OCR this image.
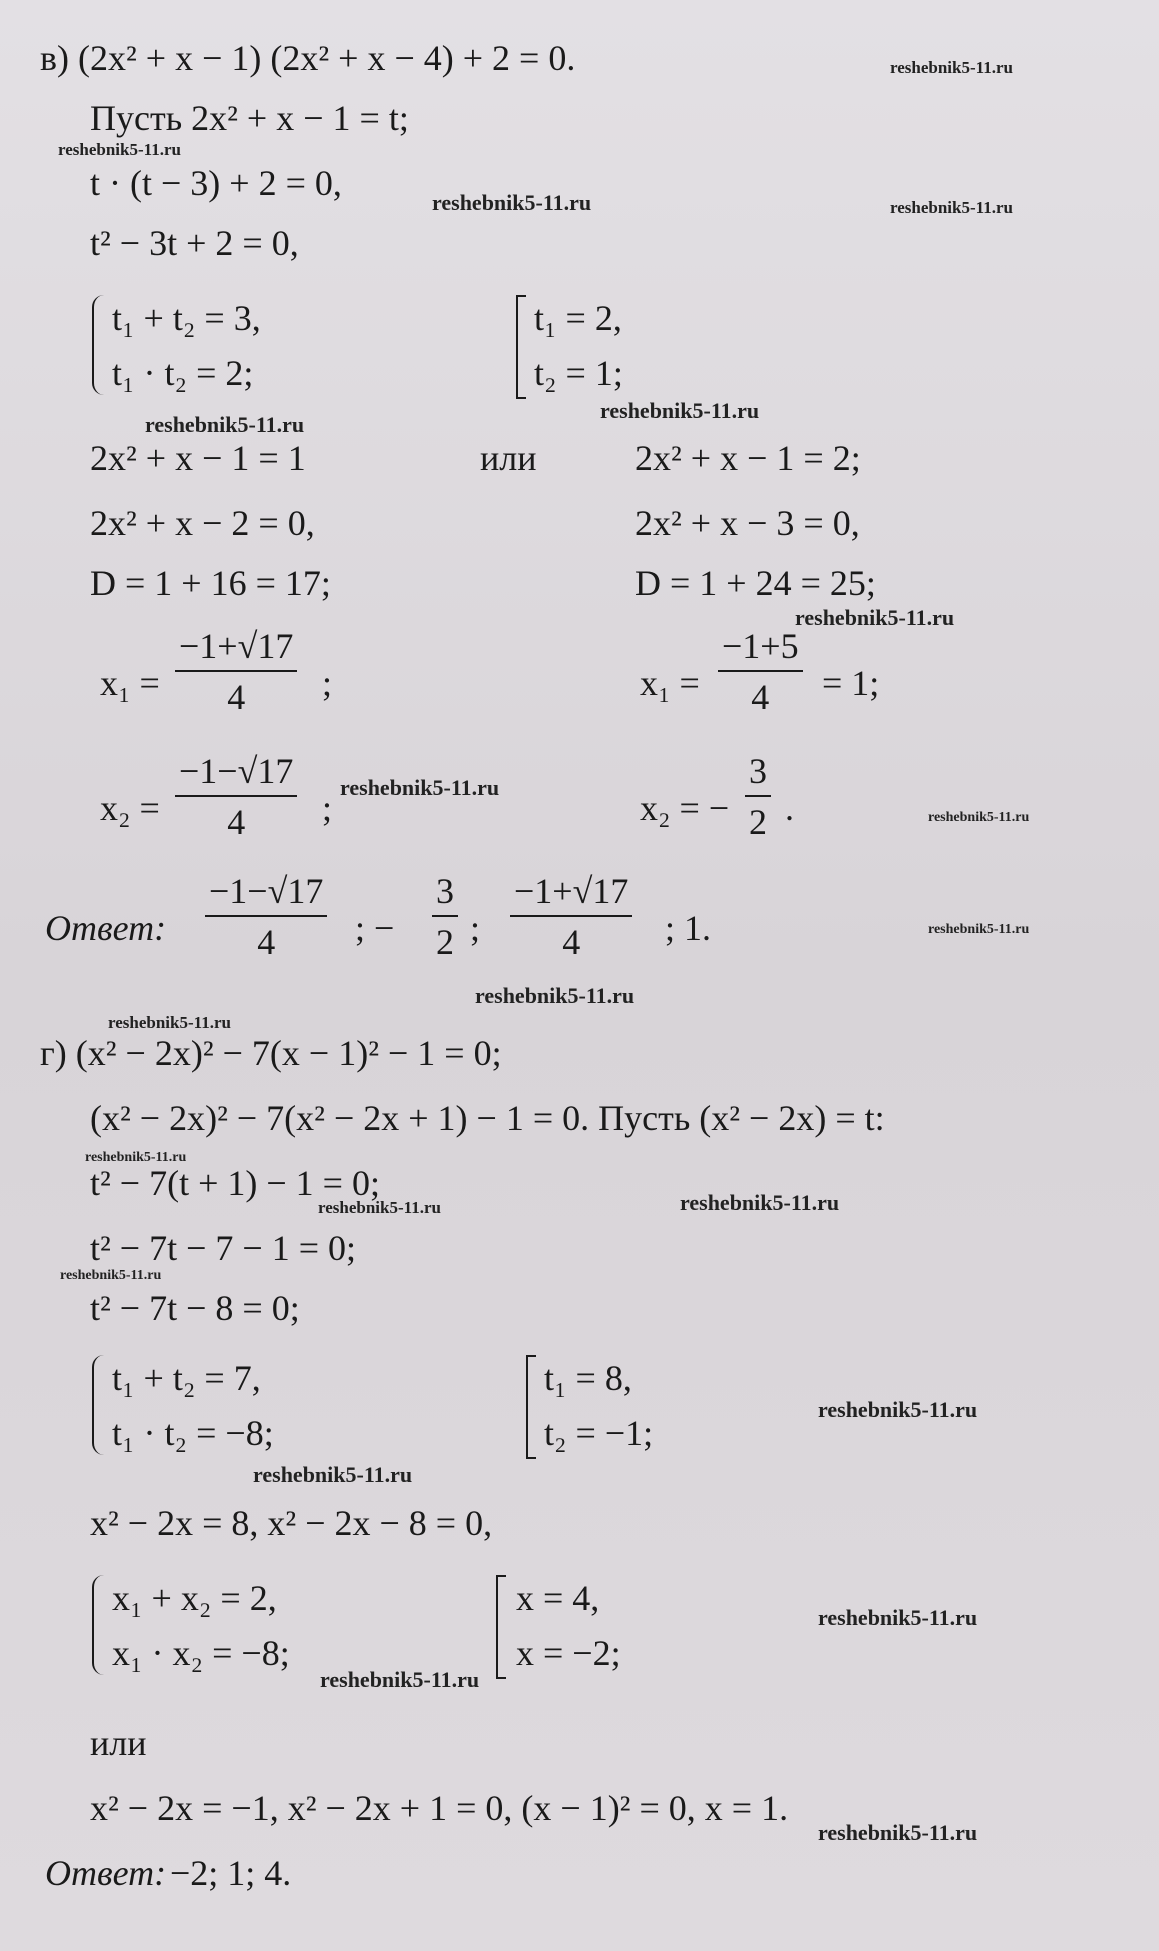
в) (2x² + x − 1) (2x² + x − 4) + 2 = 0.
Пусть 2x² + x − 1 = t;
t · (t − 3) + 2 = 0,
t² − 3t + 2 = 0,
t₁ + t₂ = 3,
t₁ · t₂ = 2;
t₁ = 2,
t₂ = 1;
2x² + x − 1 = 1	или	2x² + x − 1 = 2;
2x² + x − 2 = 0,	2x² + x − 3 = 0,
D = 1 + 16 = 17;	D = 1 + 24 = 25;
x₁ =
−1+√17
4 ;	x₁ =
−1+5
4 = 1;
x₂ =
−1−√17
4 ;	x₂ = −
3
2 .
Ответ:
−1−√17
4 ; −
3
2 ;
−1+√17
4 ; 1.
г) (x² − 2x)² − 7(x − 1)² − 1 = 0;
(x² − 2x)² − 7(x² − 2x + 1) − 1 = 0. Пусть (x² − 2x) = t:
t² − 7(t + 1) − 1 = 0;
t² − 7t − 7 − 1 = 0;
t² − 7t − 8 = 0;
t₁ + t₂ = 7,
t₁ · t₂ = −8;
t₁ = 8,
t₂ = −1;
x² − 2x = 8, x² − 2x − 8 = 0,
x₁ + x₂ = 2,
x₁ · x₂ = −8;
x = 4,
x = −2;
или
x² − 2x = −1, x² − 2x + 1 = 0, (x − 1)² = 0, x = 1.
Ответ: −2; 1; 4.
reshebnik5-11.ru
reshebnik5-11.ru
reshebnik5-11.ru	reshebnik5-11.ru
reshebnik5-11.ru
reshebnik5-11.ru
reshebnik5-11.ru
reshebnik5-11.ru
reshebnik5-11.ru
reshebnik5-11.ru
reshebnik5-11.ru
reshebnik5-11.ru
reshebnik5-11.ru
reshebnik5-11.ru	reshebnik5-11.ru
reshebnik5-11.ru
reshebnik5-11.ru
reshebnik5-11.ru
reshebnik5-11.ru
reshebnik5-11.ru
reshebnik5-11.ru
